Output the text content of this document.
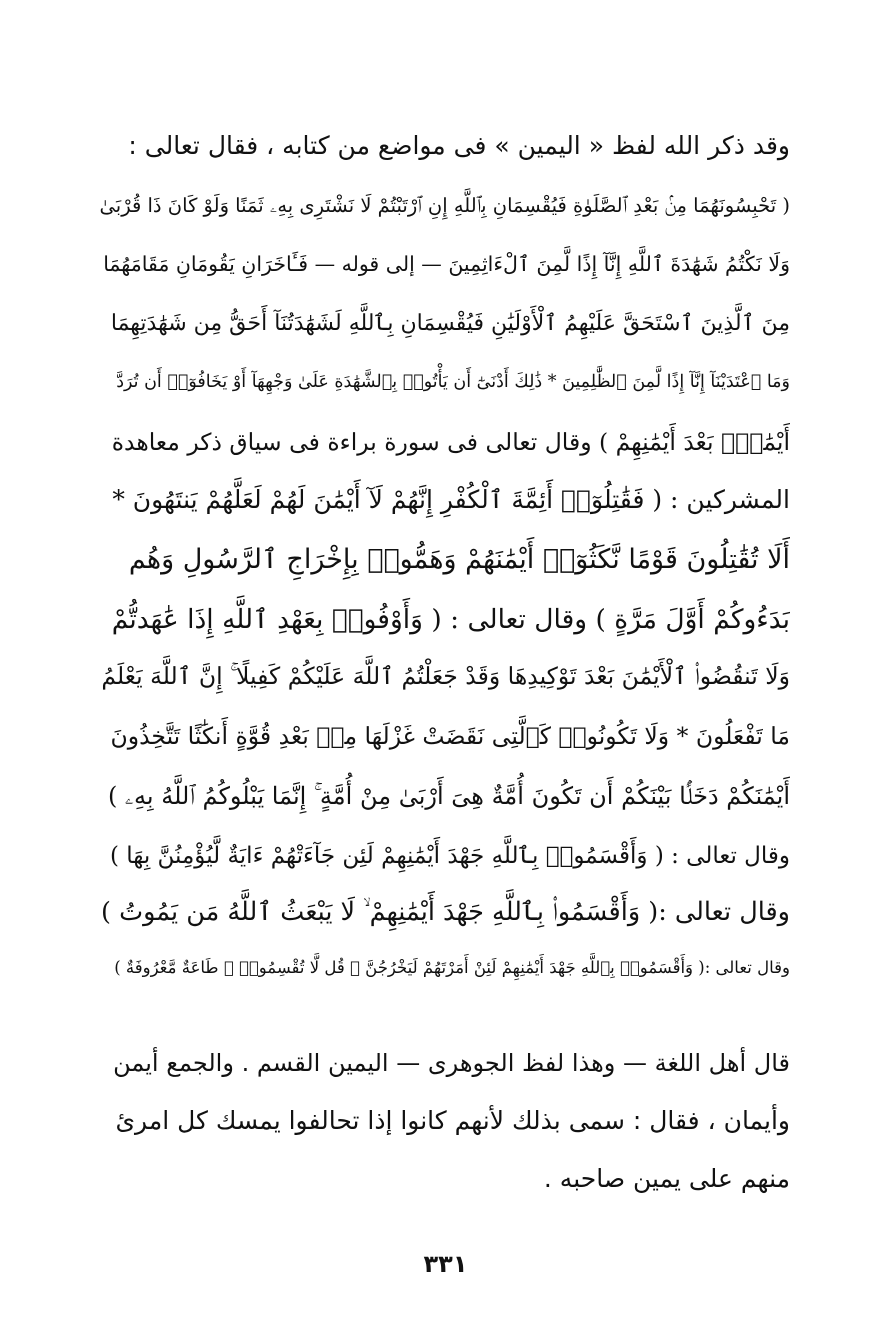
وقد ذكر الله لفظ « اليمين » فى مواضع من كتابه ، فقال تعالى :
( تَحْبِسُونَهُمَا مِنۢ بَعْدِ ٱلصَّلَوٰةِ فَيُقْسِمَانِ بِٱللَّهِ إِنِ ٱرْتَبْتُمْ لَا نَشْتَرِى بِهِۦ ثَمَنًا وَلَوْ كَانَ ذَا قُرْبَىٰ
وَلَا نَكْتُمُ شَهَٰدَةَ ٱللَّهِ إِنَّآ إِذًا لَّمِنَ ٱلْءَاثِمِينَ — إلى قوله — فَـَٔاخَرَانِ يَقُومَانِ مَقَامَهُمَا
مِنَ ٱلَّذِينَ ٱسْتَحَقَّ عَلَيْهِمُ ٱلْأَوْلَيَٰنِ فَيُقْسِمَانِ بِٱللَّهِ لَشَهَٰدَتُنَآ أَحَقُّ مِن شَهَٰدَتِهِمَا
وَمَا ٱعْتَدَيْنَآ إِنَّآ إِذًا لَّمِنَ ٱلظَّٰلِمِينَ * ذَٰلِكَ أَدْنَىٰٓ أَن يَأْتُوا۟ بِٱلشَّهَٰدَةِ عَلَىٰ وَجْهِهَآ أَوْ يَخَافُوٓا۟ أَن تُرَدَّ
أَيْمَٰنٌۢ بَعْدَ أَيْمَٰنِهِمْ ) وقال تعالى فى سورة براءة فى سياق ذكر معاهدة
المشركين : ( فَقَٰتِلُوٓا۟ أَئِمَّةَ ٱلْكُفْرِ إِنَّهُمْ لَآ أَيْمَٰنَ لَهُمْ لَعَلَّهُمْ يَنتَهُونَ *
أَلَا تُقَٰتِلُونَ قَوْمًا نَّكَثُوٓا۟ أَيْمَٰنَهُمْ وَهَمُّوا۟ بِإِخْرَاجِ ٱلرَّسُولِ وَهُم
بَدَءُوكُمْ أَوَّلَ مَرَّةٍ ) وقال تعالى : ( وَأَوْفُوا۟ بِعَهْدِ ٱللَّهِ إِذَا عَٰهَدتُّمْ
وَلَا تَنقُضُوا۟ ٱلْأَيْمَٰنَ بَعْدَ تَوْكِيدِهَا وَقَدْ جَعَلْتُمُ ٱللَّهَ عَلَيْكُمْ كَفِيلًا ۚ إِنَّ ٱللَّهَ يَعْلَمُ
مَا تَفْعَلُونَ * وَلَا تَكُونُوا۟ كَٱلَّتِى نَقَضَتْ غَزْلَهَا مِنۢ بَعْدِ قُوَّةٍ أَنكَٰثًا تَتَّخِذُونَ
أَيْمَٰنَكُمْ دَخَلًۢا بَيْنَكُمْ أَن تَكُونَ أُمَّةٌ هِىَ أَرْبَىٰ مِنْ أُمَّةٍ ۚ إِنَّمَا يَبْلُوكُمُ ٱللَّهُ بِهِۦ )
وقال تعالى : ( وَأَقْسَمُوا۟ بِٱللَّهِ جَهْدَ أَيْمَٰنِهِمْ لَئِن جَآءَتْهُمْ ءَايَةٌ لَّيُؤْمِنُنَّ بِهَا )
وقال تعالى :( وَأَقْسَمُوا۟ بِٱللَّهِ جَهْدَ أَيْمَٰنِهِمْ ۙ لَا يَبْعَثُ ٱللَّهُ مَن يَمُوتُ )
وقال تعالى :( وَأَقْسَمُوا۟ بِٱللَّهِ جَهْدَ أَيْمَٰنِهِمْ لَئِنْ أَمَرْتَهُمْ لَيَخْرُجُنَّ ۖ قُل لَّا تُقْسِمُوا۟ ۖ طَاعَةٌ مَّعْرُوفَةٌ )
قال أهل اللغة — وهذا لفظ الجوهرى — اليمين القسم . والجمع أيمن
وأيمان ، فقال : سمى بذلك لأنهم كانوا إذا تحالفوا يمسك كل امرئ
منهم على يمين صاحبه .
٣٣١
